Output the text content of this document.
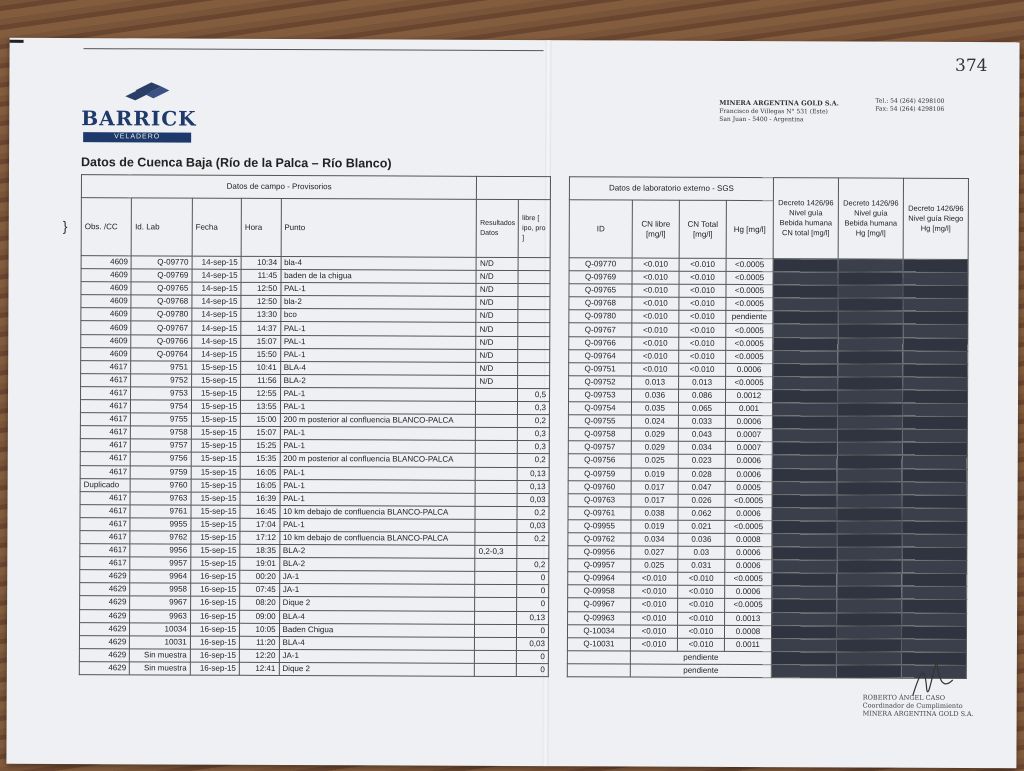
374
BARRICK
VELADERO
MINERA ARGENTINA GOLD S.A.
Francisco de Villegas N° 531 (Este)
San Juan - 5400 - Argentina
Tel.: 54 (264) 4298100
Fax: 54 (264) 4298106
Datos de Cuenca Baja (Río de la Palca – Río Blanco)
}
Datos de campo - Provisorios						
Obs. /CC	Id. Lab	Fecha	Hora	Punto	Resultados Datos	libre [ ipo, pro ]
4609	Q-09770	14-sep-15	10:34	bla-4	N/D	
4609	Q-09769	14-sep-15	11:45	baden de la chigua	N/D	
4609	Q-09765	14-sep-15	12:50	PAL-1	N/D	
4609	Q-09768	14-sep-15	12:50	bla-2	N/D	
4609	Q-09780	14-sep-15	13:30	bco	N/D	
4609	Q-09767	14-sep-15	14:37	PAL-1	N/D	
4609	Q-09766	14-sep-15	15:07	PAL-1	N/D	
4609	Q-09764	14-sep-15	15:50	PAL-1	N/D	
4617	9751	15-sep-15	10:41	BLA-4	N/D	
4617	9752	15-sep-15	11:56	BLA-2	N/D	
4617	9753	15-sep-15	12:55	PAL-1		0,5
4617	9754	15-sep-15	13:55	PAL-1		0,3
4617	9755	15-sep-15	15:00	200 m posterior al confluencia BLANCO-PALCA		0,2
4617	9758	15-sep-15	15:07	PAL-1		0,3
4617	9757	15-sep-15	15:25	PAL-1		0,3
4617	9756	15-sep-15	15:35	200 m posterior al confluencia BLANCO-PALCA		0,2
4617	9759	15-sep-15	16:05	PAL-1		0,13
Duplicado	9760	15-sep-15	16:05	PAL-1		0,13
4617	9763	15-sep-15	16:39	PAL-1		0,03
4617	9761	15-sep-15	16:45	10 km debajo de confluencia BLANCO-PALCA		0,2
4617	9955	15-sep-15	17:04	PAL-1		0,03
4617	9762	15-sep-15	17:12	10 km debajo de confluencia BLANCO-PALCA		0,2
4617	9956	15-sep-15	18:35	BLA-2	0,2-0,3	
4617	9957	15-sep-15	19:01	BLA-2		0,2
4629	9964	16-sep-15	00:20	JA-1		0
4629	9958	16-sep-15	07:45	JA-1		0
4629	9967	16-sep-15	08:20	Dique 2		0
4629	9963	16-sep-15	09:00	BLA-4		0,13
4629	10034	16-sep-15	10:05	Baden Chigua		0
4629	10031	16-sep-15	11:20	BLA-4		0,03
4629	Sin muestra	16-sep-15	12:20	JA-1		0
4629	Sin muestra	16-sep-15	12:41	Dique 2		0
Datos de laboratorio externo - SGS				Decreto 1426/96 Nivel guía Bebida humana CN total [mg/l]	Decreto 1426/96 Nivel guía Bebida humana Hg [mg/l]	Decreto 1426/96 Nivel guía Riego Hg [mg/l]
ID	CN libre [mg/l]	CN Total [mg/l]	Hg [mg/l]			
Q-09770	<0.010	<0.010	<0.0005			
Q-09769	<0.010	<0.010	<0.0005			
Q-09765	<0.010	<0.010	<0.0005			
Q-09768	<0.010	<0.010	<0.0005			
Q-09780	<0.010	<0.010	pendiente			
Q-09767	<0.010	<0.010	<0.0005			
Q-09766	<0.010	<0.010	<0.0005			
Q-09764	<0.010	<0.010	<0.0005			
Q-09751	<0.010	<0.010	0.0006			
Q-09752	0.013	0.013	<0.0005			
Q-09753	0.036	0.086	0.0012			
Q-09754	0.035	0.065	0.001			
Q-09755	0.024	0.033	0.0006			
Q-09758	0.029	0.043	0.0007			
Q-09757	0.029	0.034	0.0007			
Q-09756	0.025	0.023	0.0006			
Q-09759	0.019	0.028	0.0006			
Q-09760	0.017	0.047	0.0005			
Q-09763	0.017	0.026	<0.0005			
Q-09761	0.038	0.062	0.0006			
Q-09955	0.019	0.021	<0.0005			
Q-09762	0.034	0.036	0.0008			
Q-09956	0.027	0.03	0.0006			
Q-09957	0.025	0.031	0.0006			
Q-09964	<0.010	<0.010	<0.0005			
Q-09958	<0.010	<0.010	0.0006			
Q-09967	<0.010	<0.010	<0.0005			
Q-09963	<0.010	<0.010	0.0013			
Q-10034	<0.010	<0.010	0.0008			
Q-10031	<0.010	<0.010	0.0011			
	pendiente					
	pendiente					
ROBERTO ÁNGEL CASO
Coordinador de Cumplimiento
MINERA ARGENTINA GOLD S.A.
